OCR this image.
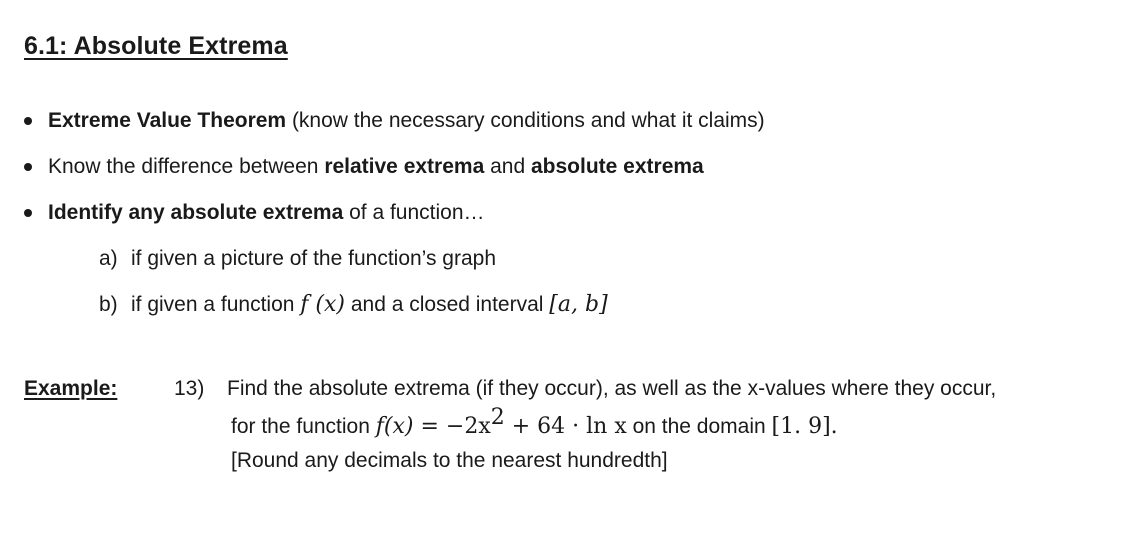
6.1: Absolute Extrema
Extreme Value Theorem (know the necessary conditions and what it claims)
Know the difference between relative extrema and absolute extrema
Identify any absolute extrema of a function…
a) if given a picture of the function’s graph
b) if given a function f (x) and a closed interval [a, b]
Example:	13) Find the absolute extrema (if they occur), as well as the x-values where they occur,
for the function $f(x) = -2x^2 + 64 \cdot \ln x$ on the domain [1. 9].
[Round any decimals to the nearest hundredth]
